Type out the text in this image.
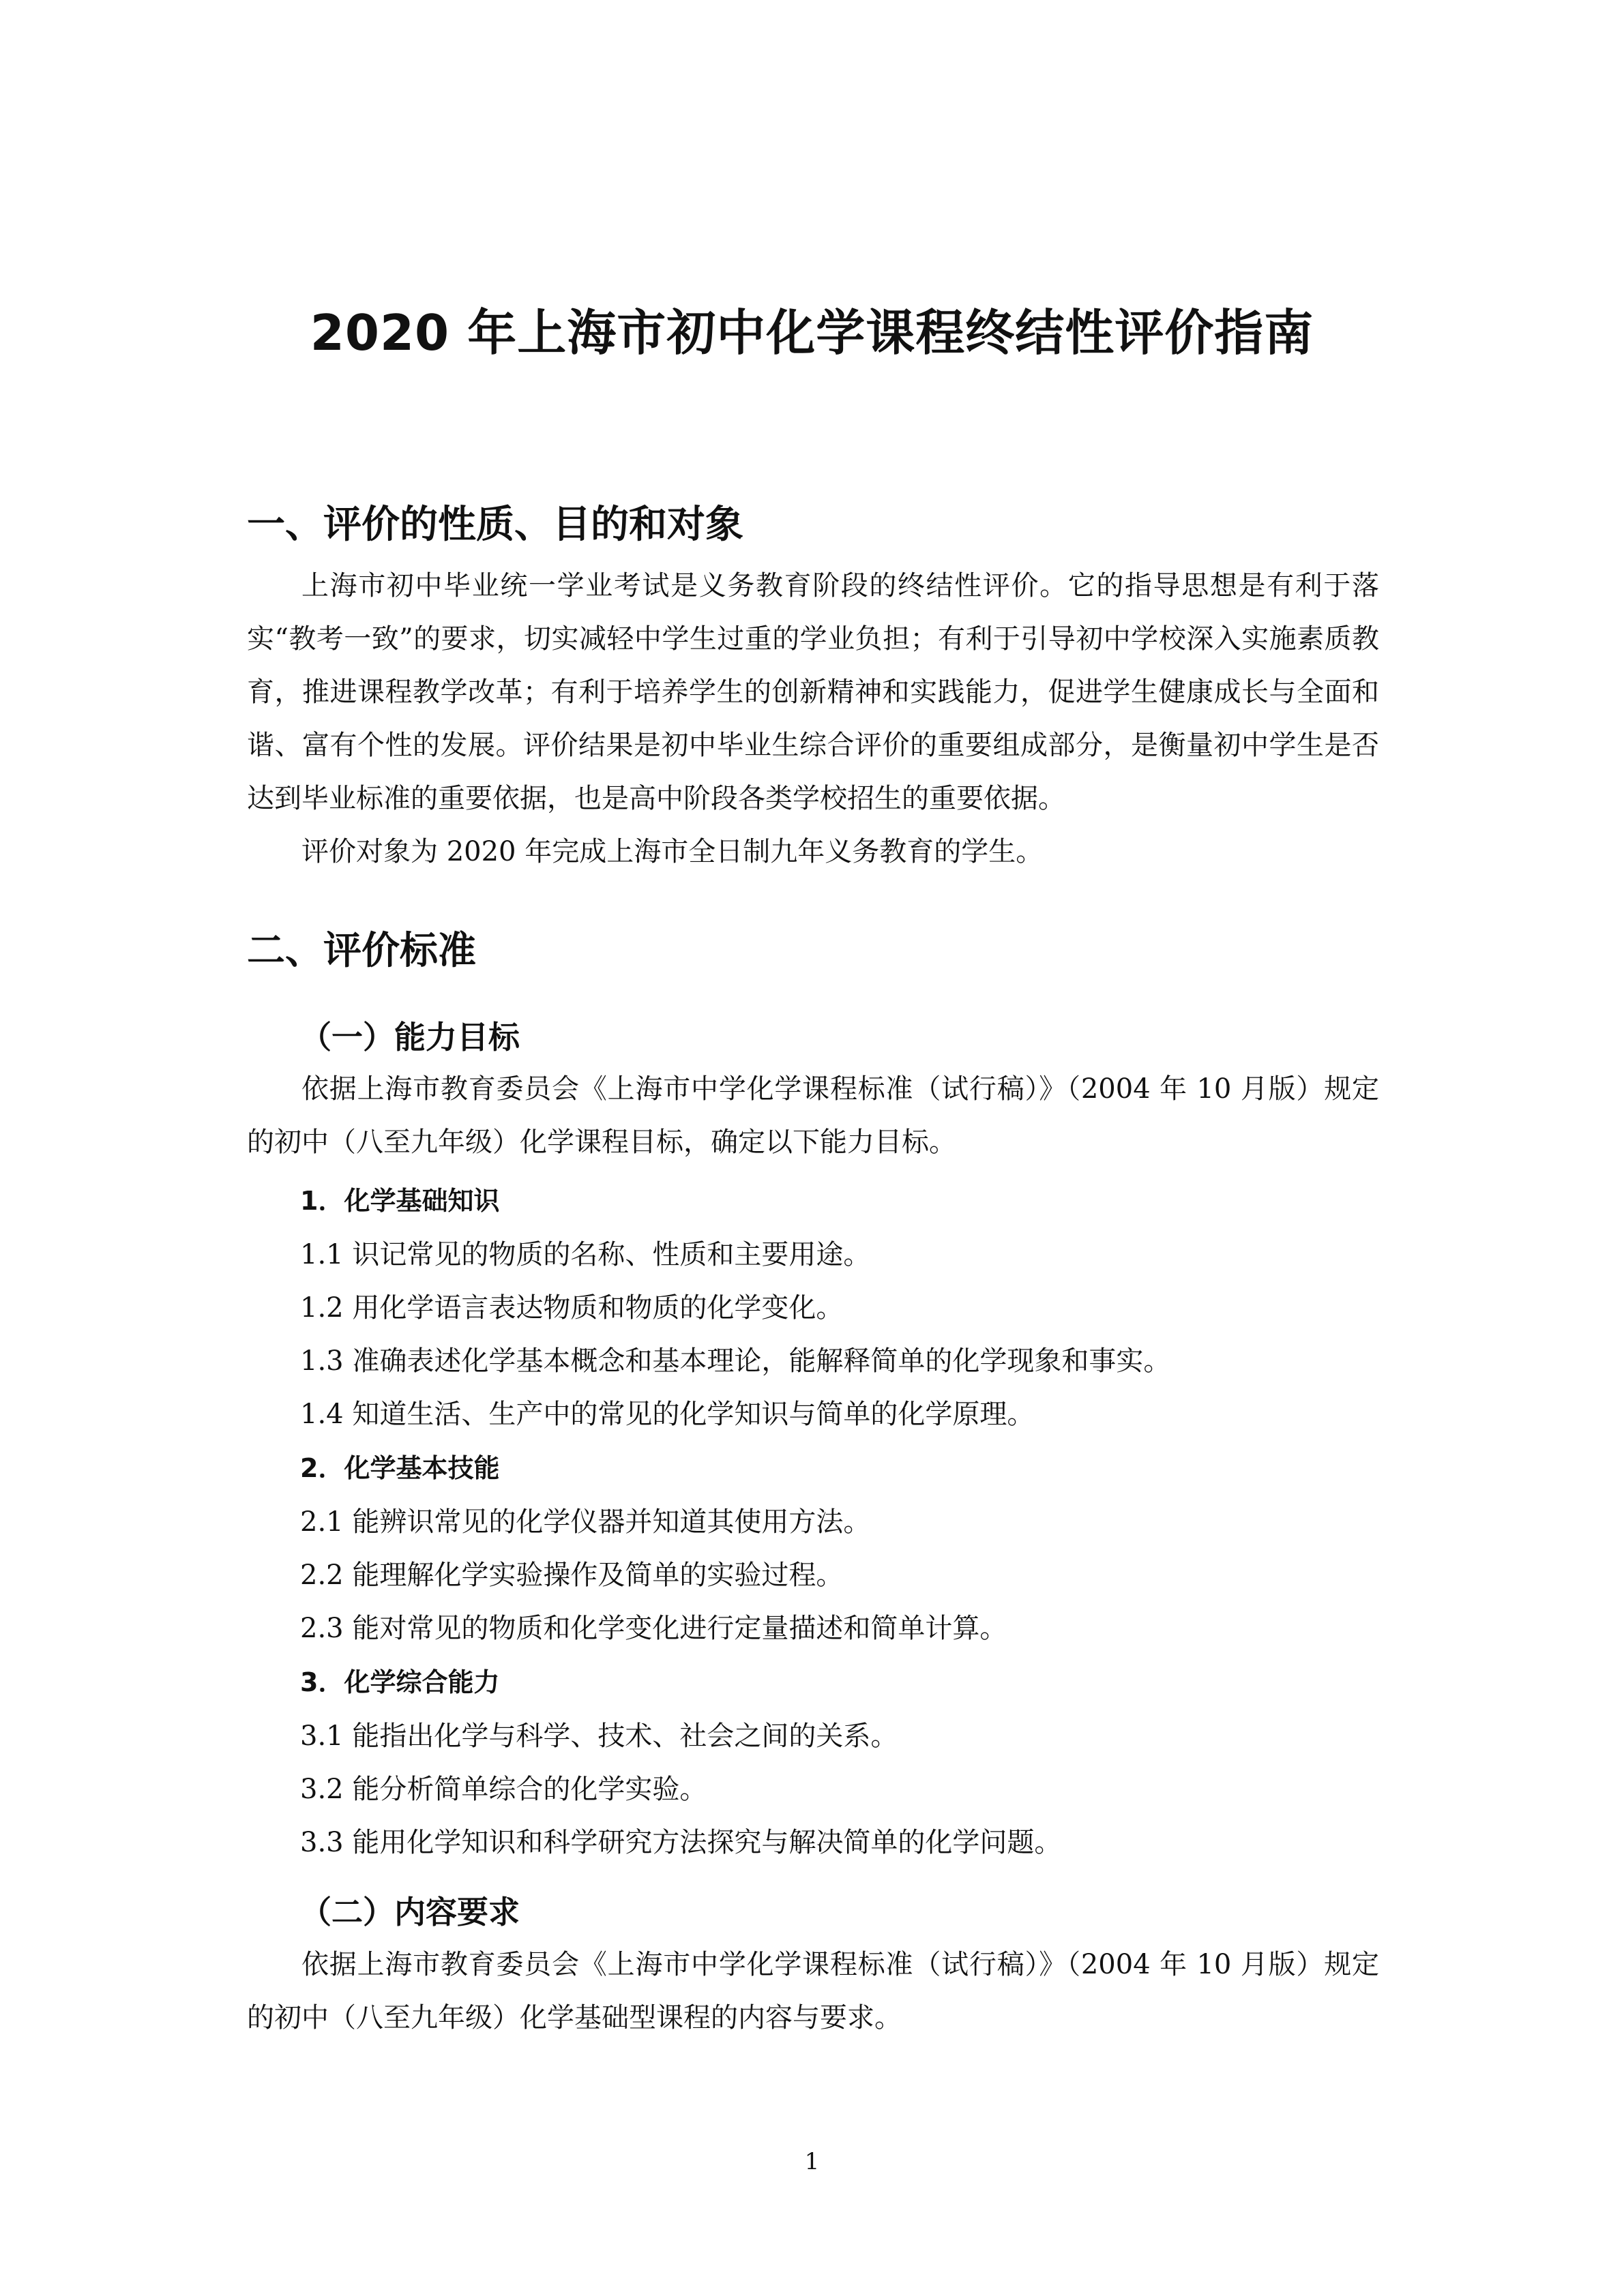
2020 年上海市初中化学课程终结性评价指南
一、评价的性质、目的和对象

上海市初中毕业统一学业考试是义务教育阶段的终结性评价。它的指导思想是有利于落实“教考一致”的要求，切实减轻中学生过重的学业负担；有利于引导初中学校深入实施素质教育，推进课程教学改革；有利于培养学生的创新精神和实践能力，促进学生健康成长与全面和谐、富有个性的发展。评价结果是初中毕业生综合评价的重要组成部分，是衡量初中学生是否达到毕业标准的重要依据，也是高中阶段各类学校招生的重要依据。

评价对象为 2020 年完成上海市全日制九年义务教育的学生。

二、评价标准
（一）能力目标

依据上海市教育委员会《上海市中学化学课程标准（试行稿）》（2004 年 10 月版）规定的初中（八至九年级）化学课程目标，确定以下能力目标。

1．化学基础知识

1.1 识记常见的物质的名称、性质和主要用途。

1.2 用化学语言表达物质和物质的化学变化。

1.3 准确表述化学基本概念和基本理论，能解释简单的化学现象和事实。

1.4 知道生活、生产中的常见的化学知识与简单的化学原理。

2．化学基本技能

2.1 能辨识常见的化学仪器并知道其使用方法。

2.2 能理解化学实验操作及简单的实验过程。

2.3 能对常见的物质和化学变化进行定量描述和简单计算。

3．化学综合能力

3.1 能指出化学与科学、技术、社会之间的关系。

3.2 能分析简单综合的化学实验。

3.3 能用化学知识和科学研究方法探究与解决简单的化学问题。

（二）内容要求

依据上海市教育委员会《上海市中学化学课程标准（试行稿）》（2004 年 10 月版）规定的初中（八至九年级）化学基础型课程的内容与要求。

1
